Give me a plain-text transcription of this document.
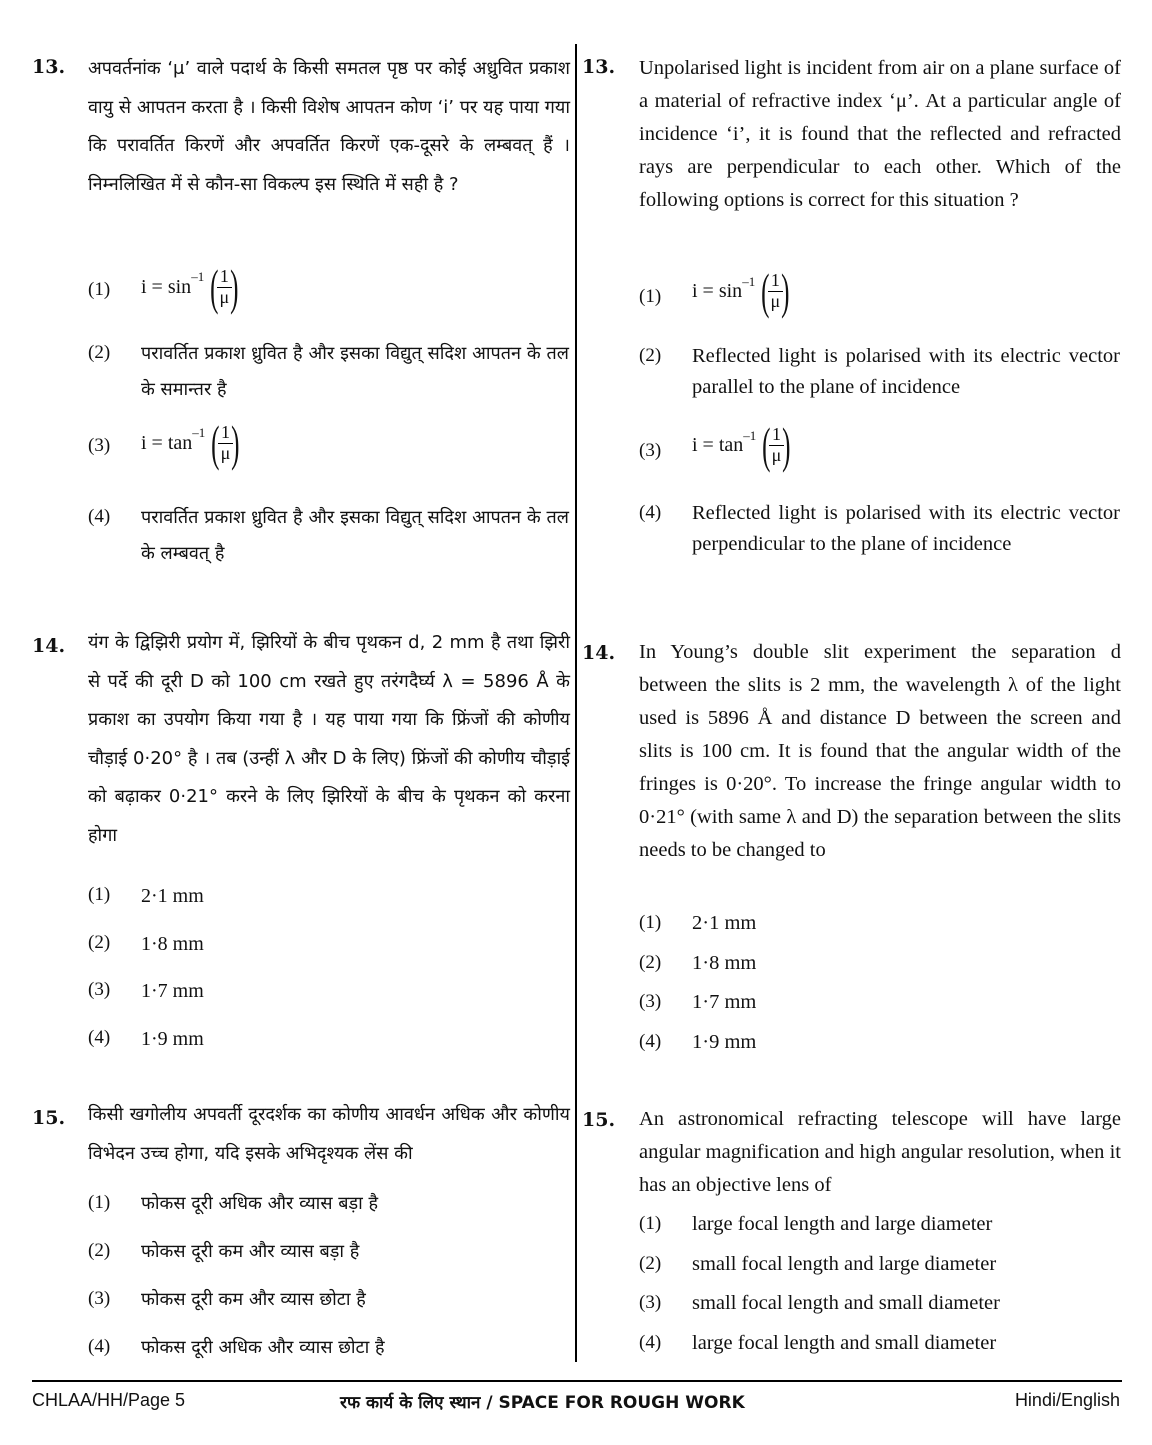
13. अपवर्तनांक ‘μ’ वाले पदार्थ के किसी समतल पृष्ठ पर कोई अध्रुवित प्रकाश वायु से आपतन करता है । किसी विशेष आपतन कोण ‘i’ पर यह पाया गया कि परावर्तित किरणें और अपवर्तित किरणें एक-दूसरे के लम्बवत् हैं । निम्नलिखित में से कौन-सा विकल्प इस स्थिति में सही है ?
(1) i = sin –1 (
$\frac{1}{\mu}$
)
(2) परावर्तित प्रकाश ध्रुवित है और इसका विद्युत् सदिश आपतन के तल के समान्तर है
(3) i = tan –1 (
$\frac{1}{\mu}$
)
(4) परावर्तित प्रकाश ध्रुवित है और इसका विद्युत् सदिश आपतन के तल के लम्बवत् है
14. यंग के द्विझिरी प्रयोग में, झिरियों के बीच पृथकन d, 2 mm है तथा झिरी से पर्दे की दूरी D को 100 cm रखते हुए तरंगदैर्घ्य λ = 5896 Å के प्रकाश का उपयोग किया गया है । यह पाया गया कि फ्रिंजों की कोणीय चौड़ाई 0·20° है । तब (उन्हीं λ और D के लिए) फ्रिंजों की कोणीय चौड़ाई को बढ़ाकर 0·21° करने के लिए झिरियों के बीच के पृथकन को करना होगा
(1) 2·1 mm
(2) 1·8 mm
(3) 1·7 mm
(4) 1·9 mm
15. किसी खगोलीय अपवर्ती दूरदर्शक का कोणीय आवर्धन अधिक और कोणीय विभेदन उच्च होगा, यदि इसके अभिदृश्यक लेंस की
(1) फोकस दूरी अधिक और व्यास बड़ा है
(2) फोकस दूरी कम और व्यास बड़ा है
(3) फोकस दूरी कम और व्यास छोटा है
(4) फोकस दूरी अधिक और व्यास छोटा है
13. Unpolarised light is incident from air on a plane surface of a material of refractive index ‘μ’. At a particular angle of incidence ‘i’, it is found that the reflected and refracted rays are perpendicular to each other. Which of the following options is correct for this situation ?
(1) i = sin –1 (
$\frac{1}{\mu}$
)
(2) Reflected light is polarised with its electric vector parallel to the plane of incidence
(3) i = tan –1 (
$\frac{1}{\mu}$
)
(4) Reflected light is polarised with its electric vector perpendicular to the plane of incidence
14. In Young’s double slit experiment the separation d between the slits is 2 mm, the wavelength λ of the light used is 5896 Å and distance D between the screen and slits is 100 cm. It is found that the angular width of the fringes is 0·20°. To increase the fringe angular width to 0·21° (with same λ and D) the separation between the slits needs to be changed to
(1) 2·1 mm
(2) 1·8 mm
(3) 1·7 mm
(4) 1·9 mm
15. An astronomical refracting telescope will have large angular magnification and high angular resolution, when it has an objective lens of
(1) large focal length and large diameter
(2) small focal length and large diameter
(3) small focal length and small diameter
(4) large focal length and small diameter
CHLAA/HH/Page 5	रफ कार्य के लिए स्थान / SPACE FOR ROUGH WORK	Hindi/English
